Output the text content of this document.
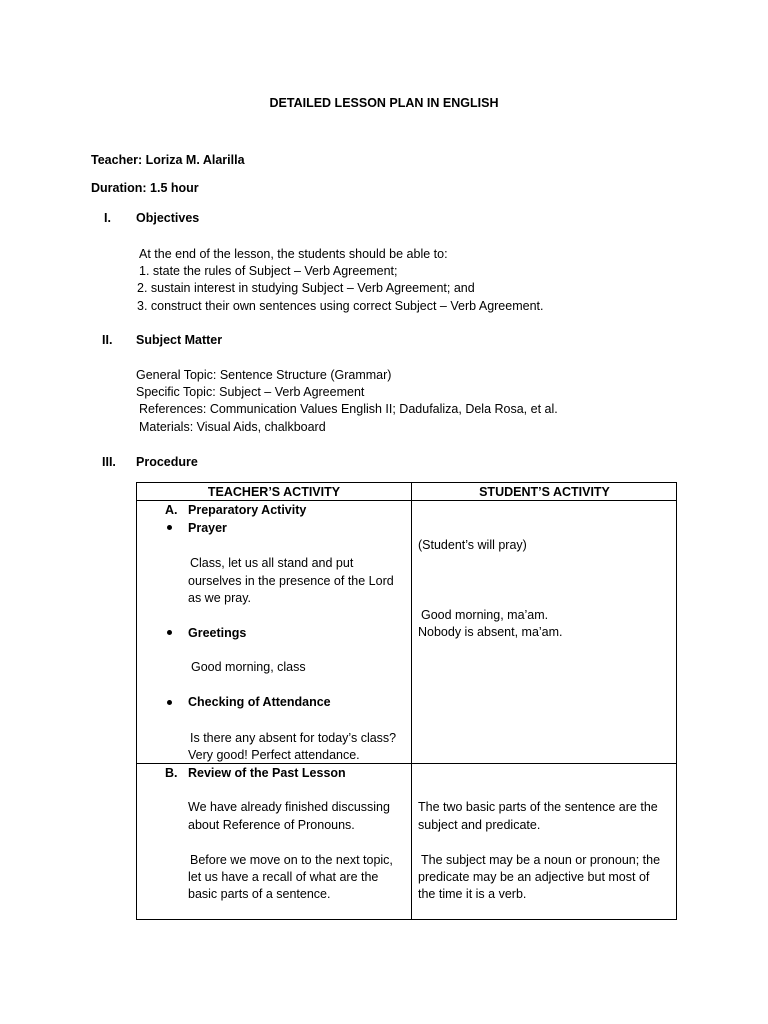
DETAILED LESSON PLAN IN ENGLISH
Teacher: Loriza M. Alarilla
Duration: 1.5 hour
I. Objectives
At the end of the lesson, the students should be able to:
1. state the rules of Subject – Verb Agreement;
2. sustain interest in studying Subject – Verb Agreement; and
3. construct their own sentences using correct Subject – Verb Agreement.
II. Subject Matter
General Topic: Sentence Structure (Grammar)
Specific Topic: Subject – Verb Agreement
References: Communication Values English II; Dadufaliza, Dela Rosa, et al.
Materials: Visual Aids, chalkboard
III. Procedure
TEACHER’S ACTIVITY	STUDENT’S ACTIVITY
A. Preparatory Activity
Prayer
Class, let us all stand and put
ourselves in the presence of the Lord
as we pray.
Greetings
Good morning, class
Checking of Attendance
Is there any absent for today’s class?
Very good! Perfect attendance.
(Student’s will pray)
Good morning, ma’am.
Nobody is absent, ma’am.
B. Review of the Past Lesson
We have already finished discussing
about Reference of Pronouns.
Before we move on to the next topic,
let us have a recall of what are the
basic parts of a sentence.
The two basic parts of the sentence are the
subject and predicate.
The subject may be a noun or pronoun; the
predicate may be an adjective but most of
the time it is a verb.
